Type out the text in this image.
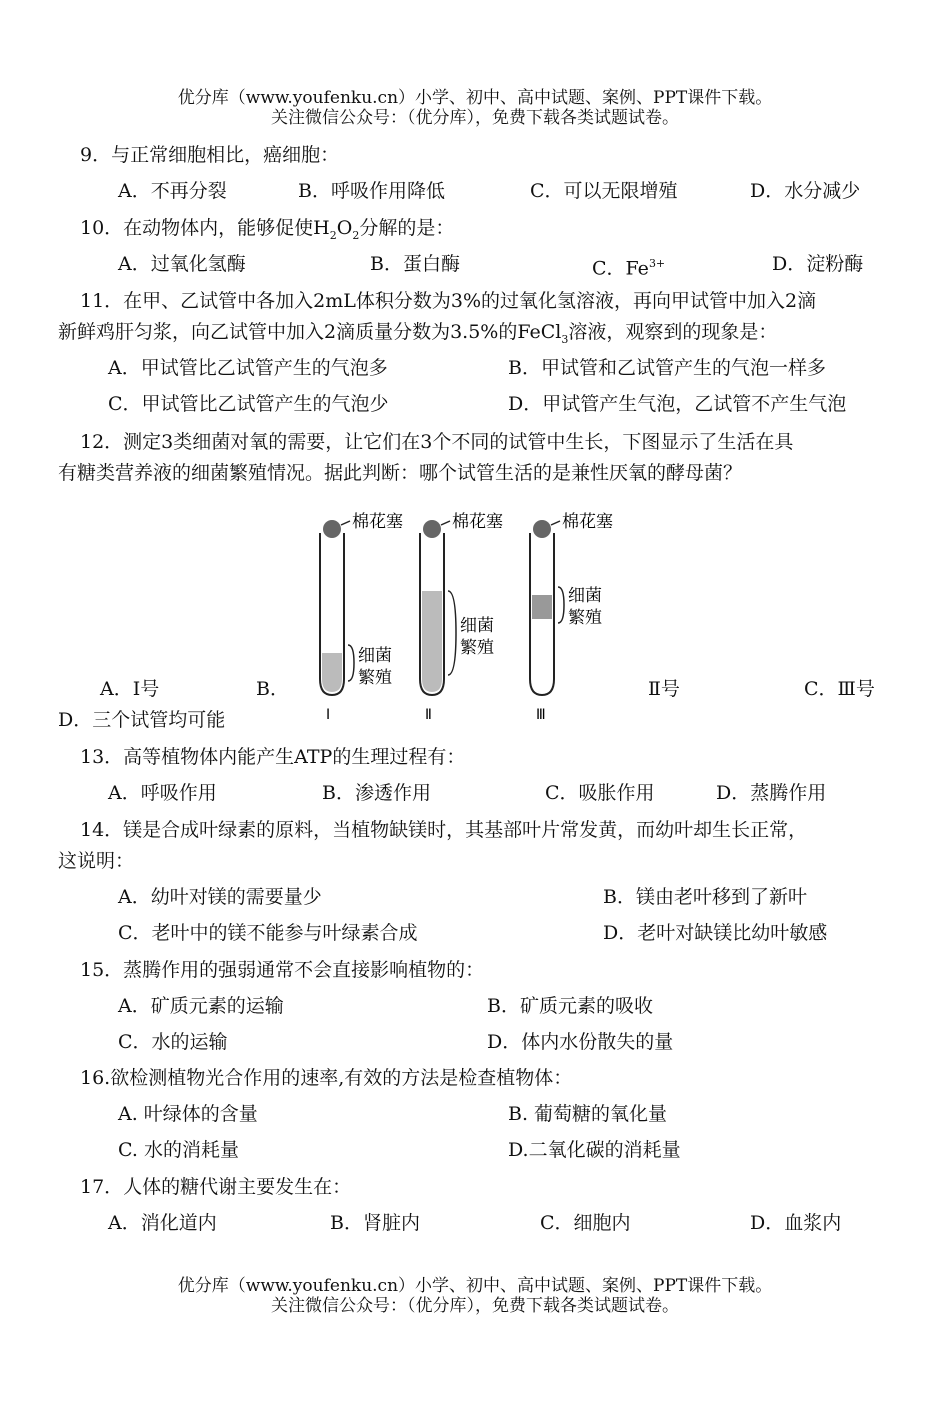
优分库（www.youfenku.cn）小学、初中、高中试题、案例、PPT课件下载。
关注微信公众号：（优分库），免费下载各类试题试卷。
9．与正常细胞相比，癌细胞：
A．不再分裂	B．呼吸作用降低	C．可以无限增殖	D．水分减少
10．在动物体内，能够促使$H_2O_2$分解的是：
A．过氧化氢酶	B．蛋白酶	C．$Fe^{3+}$	D．淀粉酶
11．在甲、乙试管中各加入2mL体积分数为3%的过氧化氢溶液，再向甲试管中加入2滴
新鲜鸡肝匀浆，向乙试管中加入2滴质量分数为3.5%的FeCl$_3$溶液，观察到的现象是：
A．甲试管比乙试管产生的气泡多	B．甲试管和乙试管产生的气泡一样多
C．甲试管比乙试管产生的气泡少	D．甲试管产生气泡，乙试管不产生气泡
12．测定3类细菌对氧的需要，让它们在3个不同的试管中生长，下图显示了生活在具
有糖类营养液的细菌繁殖情况。据此判断：哪个试管生活的是兼性厌氧的酵母菌？
棉花塞	棉花塞	棉花塞
细菌
繁殖
细菌
繁殖
细菌
繁殖
Ⅰ	Ⅱ	Ⅲ
A．Ⅰ号	B．	Ⅱ号	C．Ⅲ号
D．三个试管均可能
13．高等植物体内能产生ATP的生理过程有：
A．呼吸作用	B．渗透作用	C．吸胀作用	D．蒸腾作用
14．镁是合成叶绿素的原料，当植物缺镁时，其基部叶片常发黄，而幼叶却生长正常，
这说明：
A．幼叶对镁的需要量少	B．镁由老叶移到了新叶
C．老叶中的镁不能参与叶绿素合成	D．老叶对缺镁比幼叶敏感
15．蒸腾作用的强弱通常不会直接影响植物的：
A．矿质元素的运输	B．矿质元素的吸收
C．水的运输	D．体内水份散失的量
16.欲检测植物光合作用的速率,有效的方法是检查植物体：
A. 叶绿体的含量	B. 葡萄糖的氧化量
C. 水的消耗量	D.二氧化碳的消耗量
17．人体的糖代谢主要发生在：
A．消化道内	B．肾脏内	C．细胞内	D．血浆内
优分库（www.youfenku.cn）小学、初中、高中试题、案例、PPT课件下载。
关注微信公众号：（优分库），免费下载各类试题试卷。
